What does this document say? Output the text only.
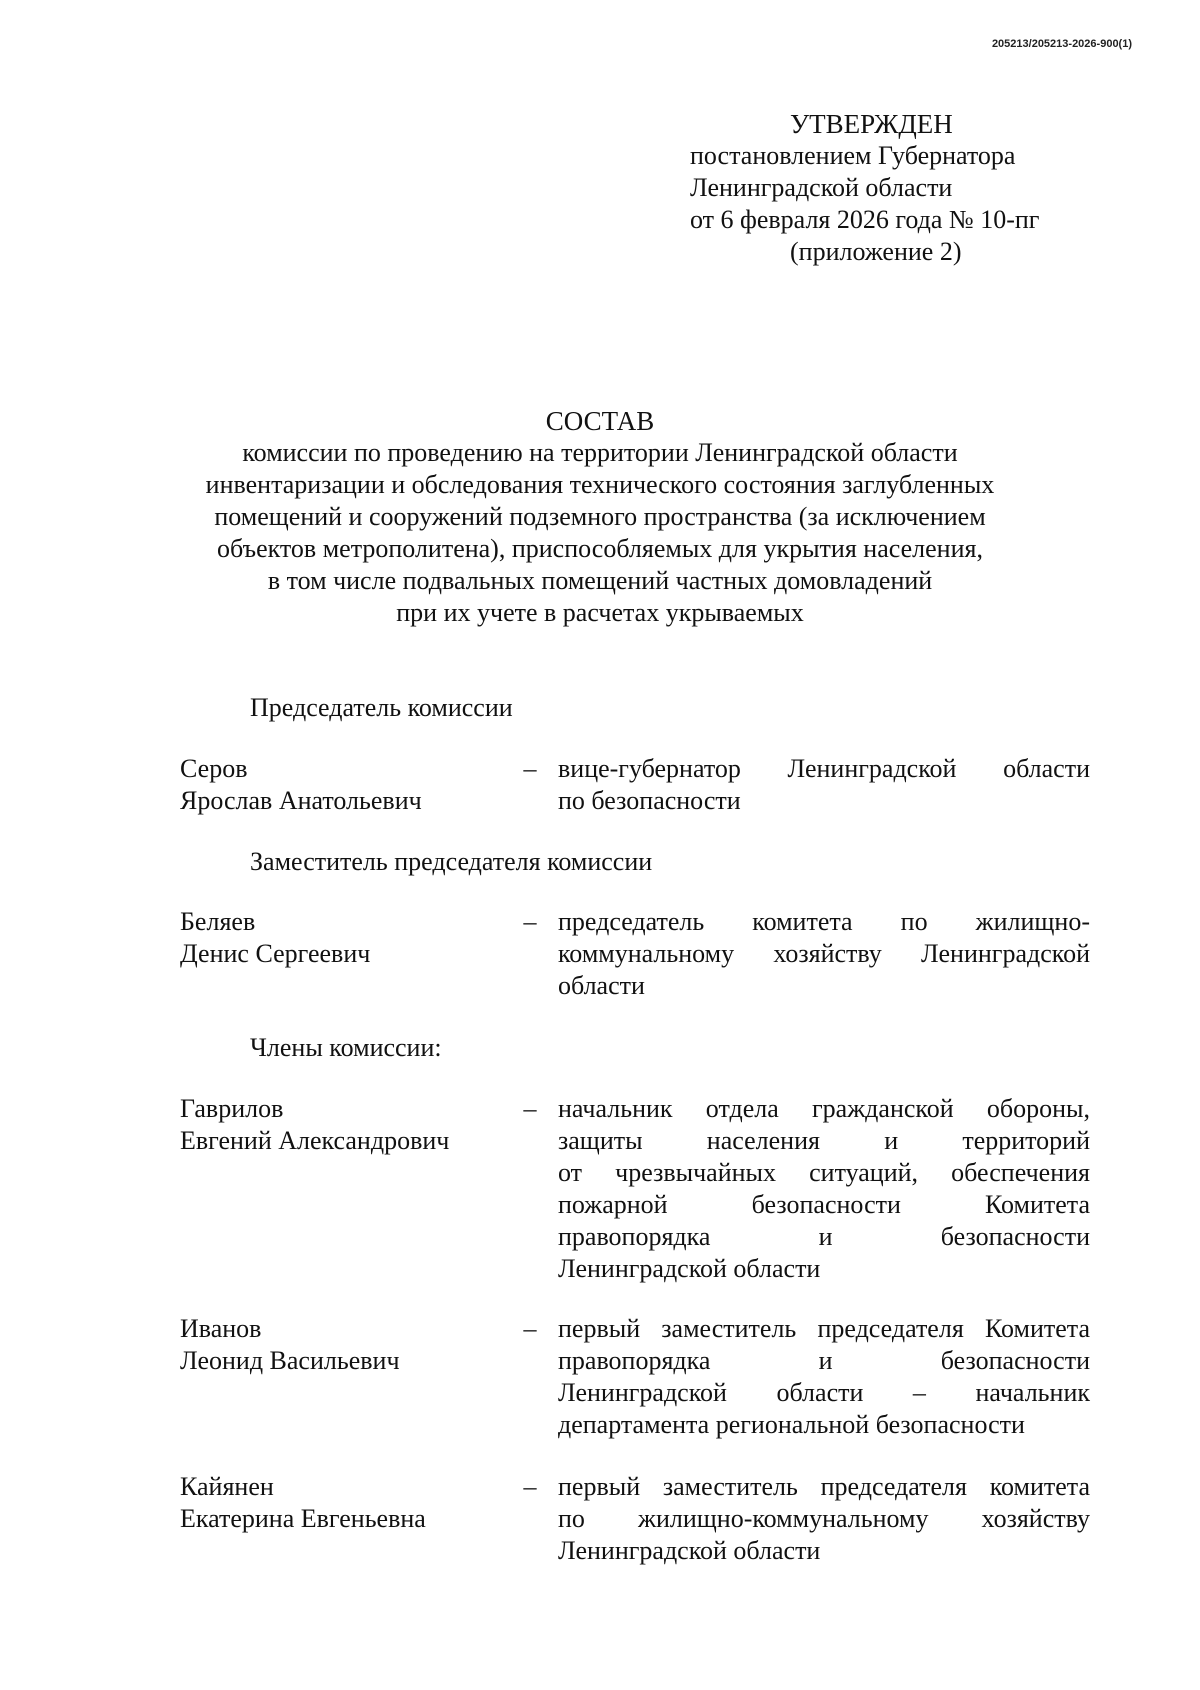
205213/205213-2026-900(1)
УТВЕРЖДЕН
постановлением Губернатора
Ленинградской области
от 6 февраля 2026 года № 10-пг
(приложение 2)
СОСТАВ
комиссии по проведению на территории Ленинградской области
инвентаризации и обследования технического состояния заглубленных
помещений и сооружений подземного пространства (за исключением
объектов метрополитена), приспособляемых для укрытия населения,
в том числе подвальных помещений частных домовладений
при их учете в расчетах укрываемых
Председатель комиссии
Серов
Ярослав Анатольевич
– вице-губернатор Ленинградской области
по безопасности
Заместитель председателя комиссии
Беляев
Денис Сергеевич
– председатель комитета по жилищно-
коммунальному хозяйству Ленинградской
области
Члены комиссии:
Гаврилов
Евгений Александрович
– начальник отдела гражданской обороны,
защиты населения и территорий
от чрезвычайных ситуаций, обеспечения
пожарной безопасности Комитета
правопорядка и безопасности
Ленинградской области
Иванов
Леонид Васильевич
– первый заместитель председателя Комитета
правопорядка и безопасности
Ленинградской области – начальник
департамента региональной безопасности
Кайянен
Екатерина Евгеньевна
– первый заместитель председателя комитета
по жилищно-коммунальному хозяйству
Ленинградской области
